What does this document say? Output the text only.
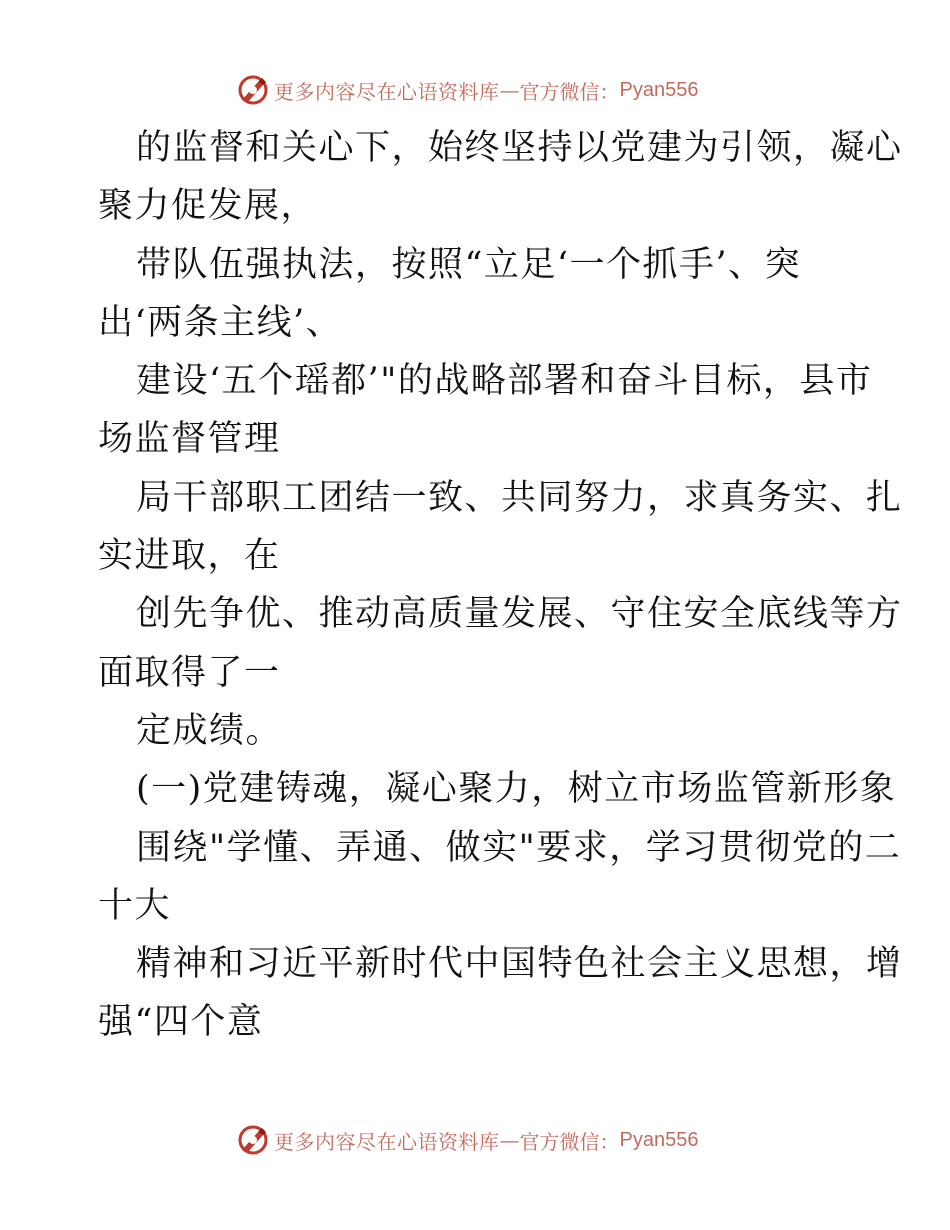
更多内容尽在心语资料库 — 官方微信： Pyan556
的监督和关心下，始终坚持以党建为引领，凝心
聚力促发展，
带队伍强执法，按照“立足‘一个抓手’、突
出‘两条主线’、
建设‘五个瑶都’"的战略部署和奋斗目标，县市
场监督管理
局干部职工团结一致、共同努力，求真务实、扎
实进取，在
创先争优、推动高质量发展、守住安全底线等方
面取得了一
定成绩。
(一)党建铸魂，凝心聚力，树立市场监管新形象
围绕"学懂、弄通、做实"要求，学习贯彻党的二
十大
精神和习近平新时代中国特色社会主义思想，增
强“四个意
更多内容尽在心语资料库 — 官方微信： Pyan556
